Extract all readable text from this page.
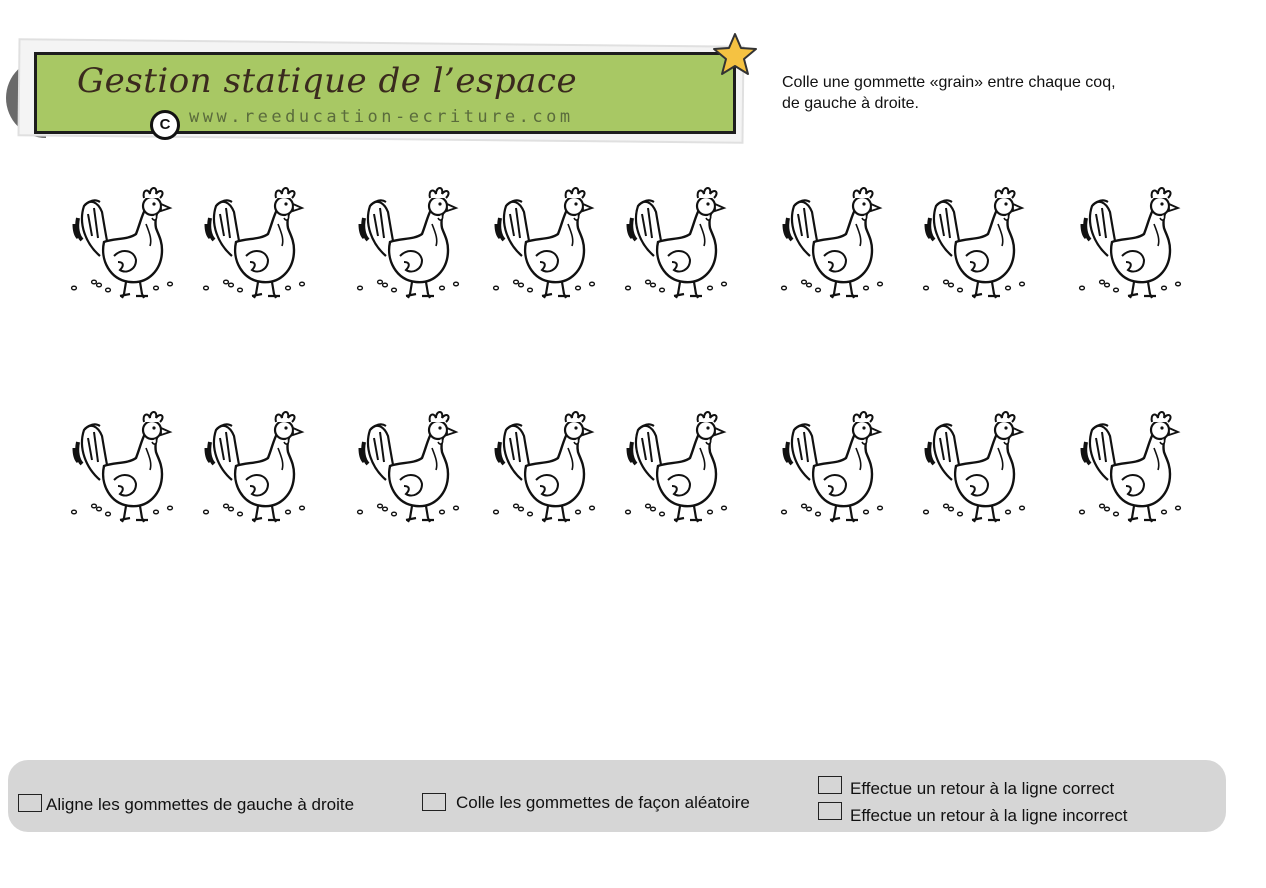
Gestion statique de l’espace
www.reeducation-ecriture.com
C
Colle une gommette «grain» entre chaque coq,
de gauche à droite.
Aligne les gommettes de gauche à droite	Colle les gommettes de façon aléatoire
Effectue un retour à la ligne correct
Effectue un retour à la ligne incorrect
